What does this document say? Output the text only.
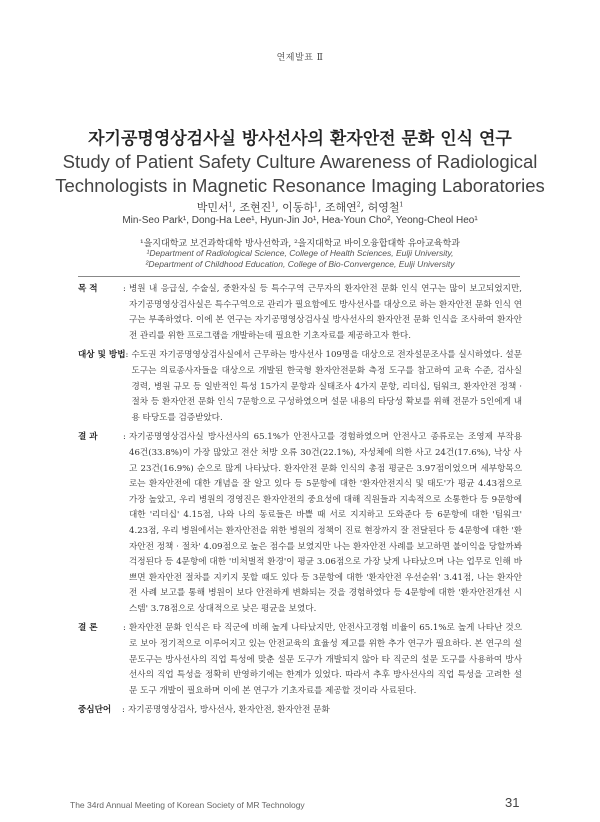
연제발표 Ⅱ
자기공명영상검사실 방사선사의 환자안전 문화 인식 연구
Study of Patient Safety Culture Awareness of Radiological
Technologists in Magnetic Resonance Imaging Laboratories
박민서$^1$, 조현진$^1$, 이동하$^1$, 조해연$^2$, 허영철$^1$
Min-Seo Park¹, Dong-Ha Lee¹, Hyun-Jin Jo¹, Hea-Youn Cho², Yeong-Cheol Heo¹
¹을지대학교 보건과학대학 방사선학과, ²을지대학교 바이오융합대학 유아교육학과
¹Department of Radiological Science, College of Health Sciences, Eulji University,
²Department of Childhood Education, College of Bio-Convergence, Eulji University
목 적	: 병원 내 응급실, 수술실, 중환자실 등 특수구역 근무자의 환자안전 문화 인식 연구는 많이 보고되었지만, 자기공명영상검사실은 특수구역으로 관리가 필요함에도 방사선사를 대상으로 하는 환자안전 문화 인식 연구는 부족하였다. 이에 본 연구는 자기공명영상검사실 방사선사의 환자안전 문화 인식을 조사하여 환자안전 관리를 위한 프로그램을 개발하는데 필요한 기초자료를 제공하고자 한다.
대상 및 방법 : 수도권 자기공명영상검사실에서 근무하는 방사선사 109명을 대상으로 전자설문조사를 실시하였다. 설문 도구는 의료종사자들을 대상으로 개발된 한국형 환자안전문화 측정 도구를 참고하여 교육 수준, 검사실 경력, 병원 규모 등 일반적인 특성 15가지 문항과 실태조사 4가지 문항, 리더십, 팀워크, 환자안전 정책 · 절차 등 환자안전 문화 인식 7문항으로 구성하였으며 설문 내용의 타당성 확보를 위해 전문가 5인에게 내용 타당도를 검증받았다.
결 과	: 자기공명영상검사실 방사선사의 65.1%가 안전사고를 경험하였으며 안전사고 종류로는 조영제 부작용 46건(33.8%)이 가장 많았고 전산 처방 오류 30건(22.1%), 자성체에 의한 사고 24건(17.6%), 낙상 사고 23건(16.9%) 순으로 많게 나타났다. 환자안전 문화 인식의 총점 평균은 3.97점이었으며 세부항목으로는 환자안전에 대한 개념을 잘 알고 있다 등 5문항에 대한 '환자안전지식 및 태도'가 평균 4.43점으로 가장 높았고, 우리 병원의 경영진은 환자안전의 중요성에 대해 직원들과 지속적으로 소통한다 등 9문항에 대한 '리더십' 4.15점, 나와 나의 동료들은 바쁠 때 서로 지지하고 도와준다 등 6문항에 대한 '팀워크' 4.23점, 우리 병원에서는 환자안전을 위한 병원의 정책이 진료 현장까지 잘 전달된다 등 4문항에 대한 '환자안전 정책 · 절차' 4.09점으로 높은 점수를 보였지만 나는 환자안전 사례를 보고하면 불이익을 당할까봐 걱정된다 등 4문항에 대한 '비처벌적 환경'이 평균 3.06점으로 가장 낮게 나타났으며 나는 업무로 인해 바쁘면 환자안전 절차를 지키지 못할 때도 있다 등 3문항에 대한 '환자안전 우선순위' 3.41점, 나는 환자안전 사례 보고를 통해 병원이 보다 안전하게 변화되는 것을 경험하였다 등 4문항에 대한 '환자안전개선 시스템' 3.78점으로 상대적으로 낮은 평균을 보였다.
결 론	: 환자안전 문화 인식은 타 직군에 비해 높게 나타났지만, 안전사고경험 비율이 65.1%로 높게 나타난 것으로 보아 정기적으로 이루어지고 있는 안전교육의 효율성 제고를 위한 추가 연구가 필요하다. 본 연구의 설문도구는 방사선사의 직업 특성에 맞춘 설문 도구가 개발되지 않아 타 직군의 설문 도구를 사용하여 방사선사의 직업 특성을 정확히 반영하기에는 한계가 있었다. 따라서 추후 방사선사의 직업 특성을 고려한 설문 도구 개발이 필요하며 이에 본 연구가 기초자료를 제공할 것이라 사료된다.
중심단어	: 자기공명영상검사, 방사선사, 환자안전, 환자안전 문화
The 34rd Annual Meeting of Korean Society of MR Technology	31
